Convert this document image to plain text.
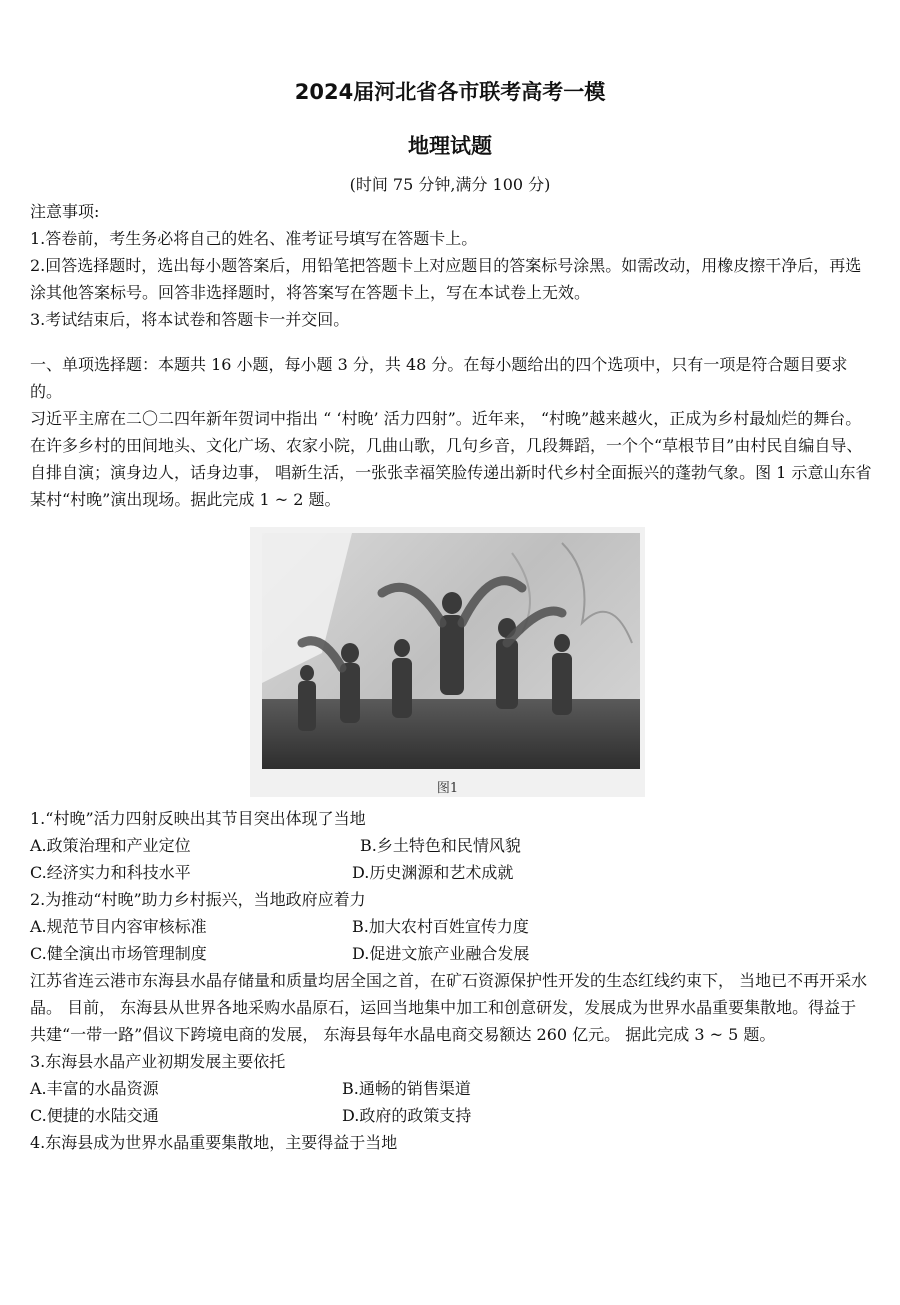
2024届河北省各市联考高考一模
地理试题
(时间 75 分钟,满分 100 分)

注意事项:

1.答卷前，考生务必将自己的姓名、准考证号填写在答题卡上。

2.回答选择题时，选出每小题答案后，用铅笔把答题卡上对应题目的答案标号涂黑。如需改动，用橡皮擦干净后，再选涂其他答案标号。回答非选择题时，将答案写在答题卡上，写在本试卷上无效。

3.考试结束后，将本试卷和答题卡一并交回。

一、单项选择题：本题共 16 小题，每小题 3 分，共 48 分。在每小题给出的四个选项中，只有一项是符合题目要求的。

习近平主席在二〇二四年新年贺词中指出 “ ‘村晚’ 活力四射”。近年来， “村晚”越来越火，正成为乡村最灿烂的舞台。在许多乡村的田间地头、文化广场、农家小院，几曲山歌，几句乡音，几段舞蹈，一个个“草根节目”由村民自编自导、 自排自演；演身边人，话身边事， 唱新生活，一张张幸福笑脸传递出新时代乡村全面振兴的蓬勃气象。图 1 示意山东省某村“村晚”演出现场。据此完成 1 ~ 2 题。

图1

1.“村晚”活力四射反映出其节目突出体现了当地

A.政策治理和产业定位	B.乡土特色和民情风貌
C.经济实力和科技水平	D.历史渊源和艺术成就

2.为推动“村晚”助力乡村振兴，当地政府应着力

A.规范节目内容审核标准	B.加大农村百姓宣传力度
C.健全演出市场管理制度	D.促进文旅产业融合发展

江苏省连云港市东海县水晶存储量和质量均居全国之首，在矿石资源保护性开发的生态红线约束下， 当地已不再开采水晶。 目前， 东海县从世界各地采购水晶原石，运回当地集中加工和创意研发，发展成为世界水晶重要集散地。得益于共建“一带一路”倡议下跨境电商的发展， 东海县每年水晶电商交易额达 260 亿元。 据此完成 3 ~ 5 题。

3.东海县水晶产业初期发展主要依托

A.丰富的水晶资源	B.通畅的销售渠道
C.便捷的水陆交通	D.政府的政策支持

4.东海县成为世界水晶重要集散地，主要得益于当地
